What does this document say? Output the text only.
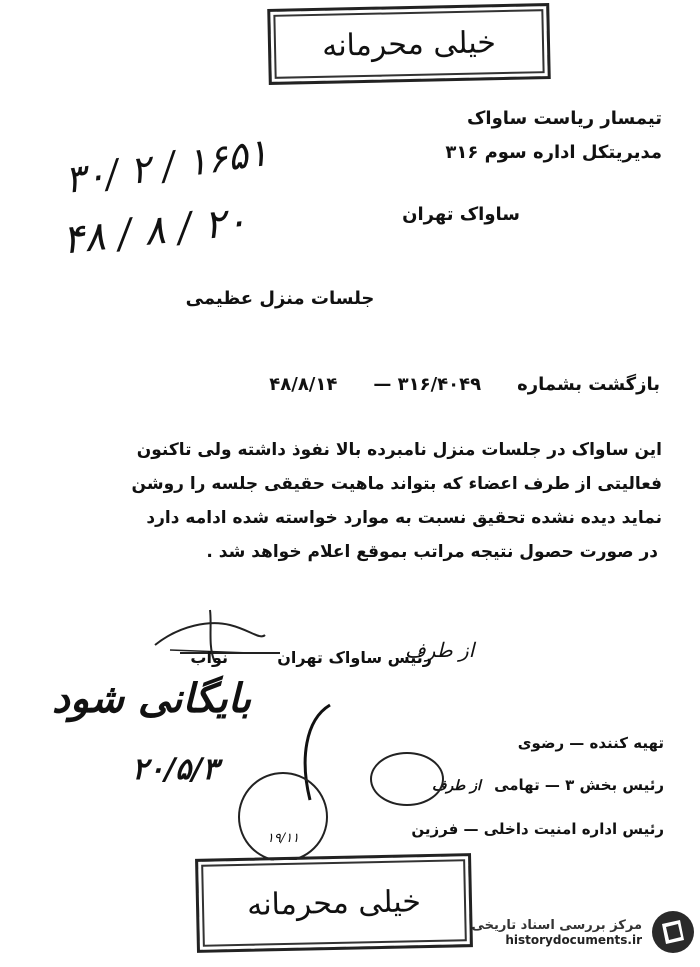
خیلی محرمانه
تیمسار ریاست ساواک
مدیریتکل اداره سوم ۳۱۶
ساواک تهران
۳۰/ ۲ / ۱۶۵۱
۴۸ / ۸ / ۲۰
جلسات منزل عظیمی
بازگشت بشماره
۳۱۶/۴۰۴۹ —
۴۸/۸/۱۴
این ساواک در جلسات منزل نامبرده بالا نفوذ داشته ولی تاکنون
فعالیتی از طرف اعضاء که بتواند ماهیت حقیقی جلسه را روشن
نماید دیده نشده تحقیق نسبت به موارد خواسته شده ادامه دارد
در صورت حصول نتیجه مراتب بموقع اعلام خواهد شد .
از طرف
رئیس ساواک تهران
نواب
بایگانی شود
۲۰/۵/۳
تهیه کننده — رضوی
رئیس بخش ۳ — تهامی از طرف
رئیس اداره امنیت داخلی — فرزین
۱۹/۱۱
خیلی محرمانه
مرکز بررسی اسناد تاریخی
historydocuments.ir
